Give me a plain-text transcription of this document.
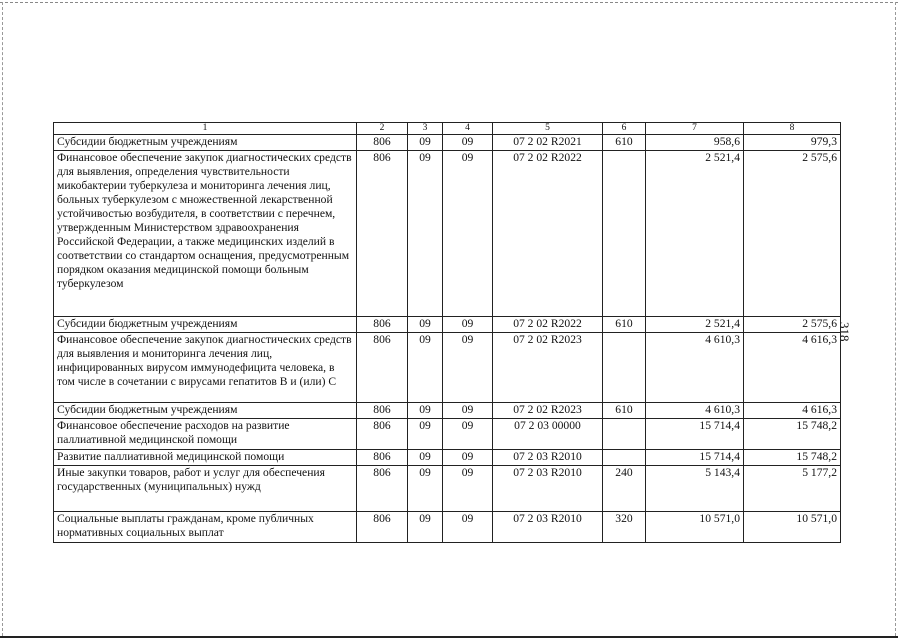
318
1	2	3	4	5	6	7	8
Субсидии бюджетным учреждениям	806	09	09	07 2 02 R2021	610	958,6	979,3
Финансовое обеспечение закупок диагностических средств для выявления, определения чувствительности микобактерии туберкулеза и мониторинга лечения лиц, больных туберкулезом с множественной лекарственной устойчивостью возбудителя, в соответствии с перечнем, утвержденным Министерством здравоохранения Российской Федерации, а также медицинских изделий в соответствии со стандартом оснащения, предусмотренным порядком оказания медицинской помощи больным туберкулезом	806	09	09	07 2 02 R2022		2 521,4	2 575,6
Субсидии бюджетным учреждениям	806	09	09	07 2 02 R2022	610	2 521,4	2 575,6
Финансовое обеспечение закупок диагностических средств для выявления и мониторинга лечения лиц, инфицированных вирусом иммунодефицита человека, в том числе в сочетании с вирусами гепатитов В и (или) С	806	09	09	07 2 02 R2023		4 610,3	4 616,3
Субсидии бюджетным учреждениям	806	09	09	07 2 02 R2023	610	4 610,3	4 616,3
Финансовое обеспечение расходов на развитие паллиативной медицинской помощи	806	09	09	07 2 03 00000		15 714,4	15 748,2
Развитие паллиативной медицинской помощи	806	09	09	07 2 03 R2010		15 714,4	15 748,2
Иные закупки товаров, работ и услуг для обеспечения государственных (муниципальных) нужд	806	09	09	07 2 03 R2010	240	5 143,4	5 177,2
Социальные выплаты гражданам, кроме публичных нормативных социальных выплат	806	09	09	07 2 03 R2010	320	10 571,0	10 571,0
